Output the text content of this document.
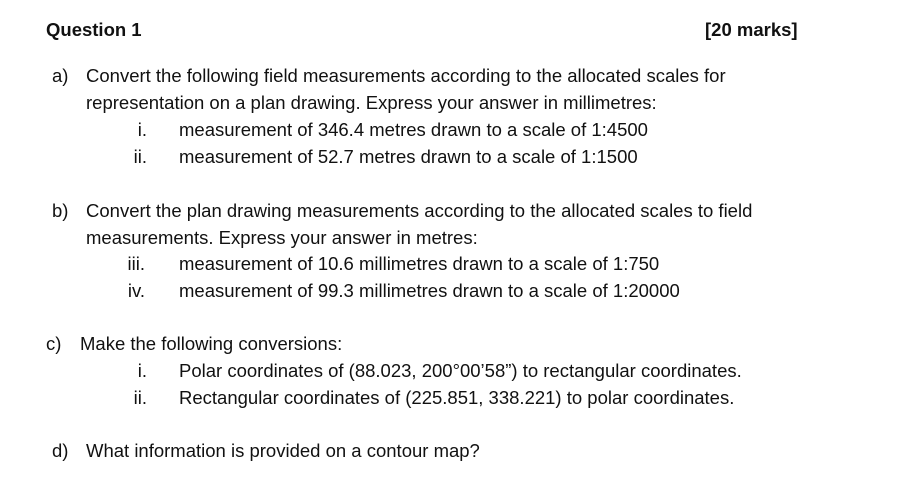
Question 1	[20 marks]
a) Convert the following field measurements according to the allocated scales for
representation on a plan drawing. Express your answer in millimetres:
i. measurement of 346.4 metres drawn to a scale of 1:4500
ii. measurement of 52.7 metres drawn to a scale of 1:1500
b) Convert the plan drawing measurements according to the allocated scales to field
measurements. Express your answer in metres:
iii. measurement of 10.6 millimetres drawn to a scale of 1:750
iv. measurement of 99.3 millimetres drawn to a scale of 1:20000
c) Make the following conversions:
i. Polar coordinates of (88.023, 200°00’58”) to rectangular coordinates.
ii. Rectangular coordinates of (225.851, 338.221) to polar coordinates.
d) What information is provided on a contour map?
